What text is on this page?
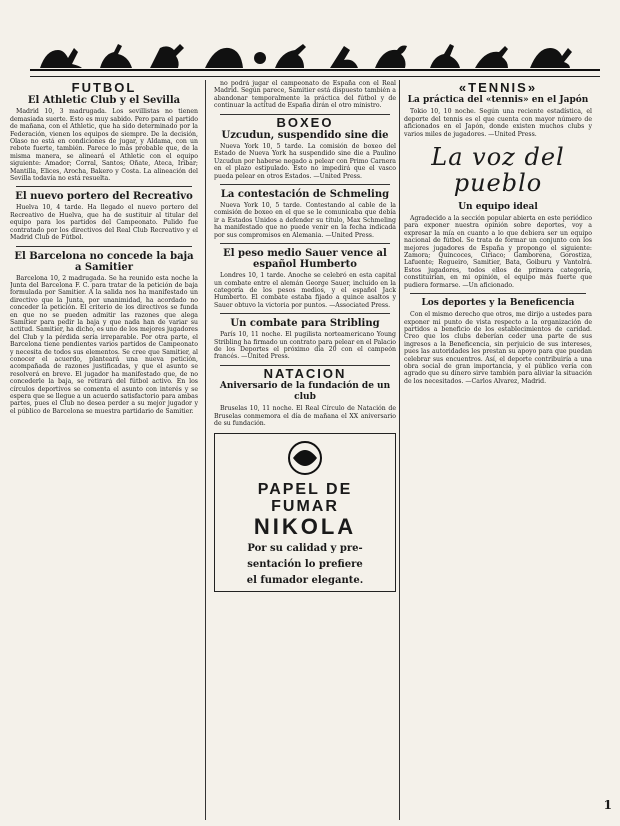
FUTBOL
El Athletic Club y el Sevilla

Madrid 10, 3 madrugada. Los sevillistas no tienen demasiada suerte. Esto es muy sabido. Pero para el partido de mañana, con el Athletic, que ha sido determinado por la Federación, vienen los equipos de siempre. De la decisión, Olaso no está en condiciones de jugar, y Aldama, con un rebote fuerte, también. Parece lo más probable que, de la misma manera, se alineará el Athletic con el equipo siguiente: Amador; Corral, Santos; Oñate, Ateca, Iribar; Mantilla, Elices, Arocha, Bakero y Costa. La alineación del Sevilla todavía no está resuelta.

El nuevo portero del Recreativo

Huelva 10, 4 tarde. Ha llegado el nuevo portero del Recreativo de Huelva, que ha de sustituir al titular del equipo para los partidos del Campeonato. Pulido fue contratado por los directivos del Real Club Recreativo y el Madrid Club de Fútbol.

El Barcelona no concede la baja a Samitier

Barcelona 10, 2 madrugada. Se ha reunido esta noche la Junta del Barcelona F. C. para tratar de la petición de baja formulada por Samitier. A la salida nos ha manifestado un directivo que la Junta, por unanimidad, ha acordado no conceder la petición. El criterio de los directivos se funda en que no se pueden admitir las razones que alega Samitier para pedir la baja y que nada han de variar su actitud. Samitier, ha dicho, es uno de los mejores jugadores del Club y la pérdida sería irreparable. Por otra parte, el Barcelona tiene pendientes varios partidos de Campeonato y necesita de todos sus elementos. Se cree que Samitier, al conocer el acuerdo, planteará una nueva petición, acompañada de razones justificadas, y que el asunto se resolverá en breve. El jugador ha manifestado que, de no concederle la baja, se retirará del fútbol activo. En los círculos deportivos se comenta el asunto con interés y se espera que se llegue a un acuerdo satisfactorio para ambas partes, pues el Club no desea perder a su mejor jugador y el público de Barcelona se muestra partidario de Samitier.

no podrá jugar el campeonato de España con el Real Madrid. Según parece, Samitier está dispuesto también a abandonar temporalmente la práctica del fútbol y de continuar la actitud de España dirán el otro ministro.

BOXEO
Uzcudun, suspendido sine die

Nueva York 10, 5 tarde. La comisión de boxeo del Estado de Nueva York ha suspendido sine die a Paulino Uzcudun por haberse negado a pelear con Primo Carnera en el plazo estipulado. Esto no impedirá que el vasco pueda pelear en otros Estados. —United Press.

La contestación de Schmeling

Nueva York 10, 5 tarde. Contestando al cable de la comisión de boxeo en el que se le comunicaba que debía ir a Estados Unidos a defender su título, Max Schmeling ha manifestado que no puede venir en la fecha indicada por sus compromisos en Alemania. —United Press.

El peso medio Sauer vence al español Humberto

Londres 10, 1 tarde. Anoche se celebró en esta capital un combate entre el alemán George Sauer, incluido en la categoría de los pesos medios, y el español Jack Humberto. El combate estaba fijado a quince asaltos y Sauer obtuvo la victoria por puntos. —Associated Press.

Un combate para Stribling

París 10, 11 noche. El pugilista norteamericano Young Stribling ha firmado un contrato para pelear en el Palacio de los Deportes el próximo día 20 con el campeón francés. —United Press.

NATACION
Aniversario de la fundación de un club

Bruselas 10, 11 noche. El Real Círculo de Natación de Bruselas conmemora el día de mañana el XX aniversario de su fundación.

PAPEL DE
FUMAR
NIKOLA
Por su calidad y pre-
sentación lo prefiere
el fumador elegante.
«TENNIS»
La práctica del «tennis» en el Japón

Tokio 10, 10 noche. Según una reciente estadística, el deporte del tennis es el que cuenta con mayor número de aficionados en el Japón, donde existen muchos clubs y varios miles de jugadores. —United Press.

La voz del pueblo
Un equipo ideal

Agradecido a la sección popular abierta en este periódico para exponer nuestra opinión sobre deportes, voy a expresar la mía en cuanto a lo que debiera ser un equipo nacional de fútbol. Se trata de formar un conjunto con los mejores jugadores de España y propongo el siguiente: Zamora; Quincoces, Ciriaco; Gamborena, Gorostiza, Lafuente; Regueiro, Samitier, Bata, Goiburu y Vantolrá. Estos jugadores, todos ellos de primera categoría, constituirían, en mi opinión, el equipo más fuerte que pudiera formarse. —Un aficionado.

Los deportes y la Beneficencia

Con el mismo derecho que otros, me dirijo a ustedes para exponer mi punto de vista respecto a la organización de partidos a beneficio de los establecimientos de caridad. Creo que los clubs deberían ceder una parte de sus ingresos a la Beneficencia, sin perjuicio de sus intereses, pues las autoridades les prestan su apoyo para que puedan celebrar sus encuentros. Así, el deporte contribuiría a una obra social de gran importancia, y el público vería con agrado que su dinero sirve también para aliviar la situación de los necesitados. —Carlos Alvarez, Madrid.

1
